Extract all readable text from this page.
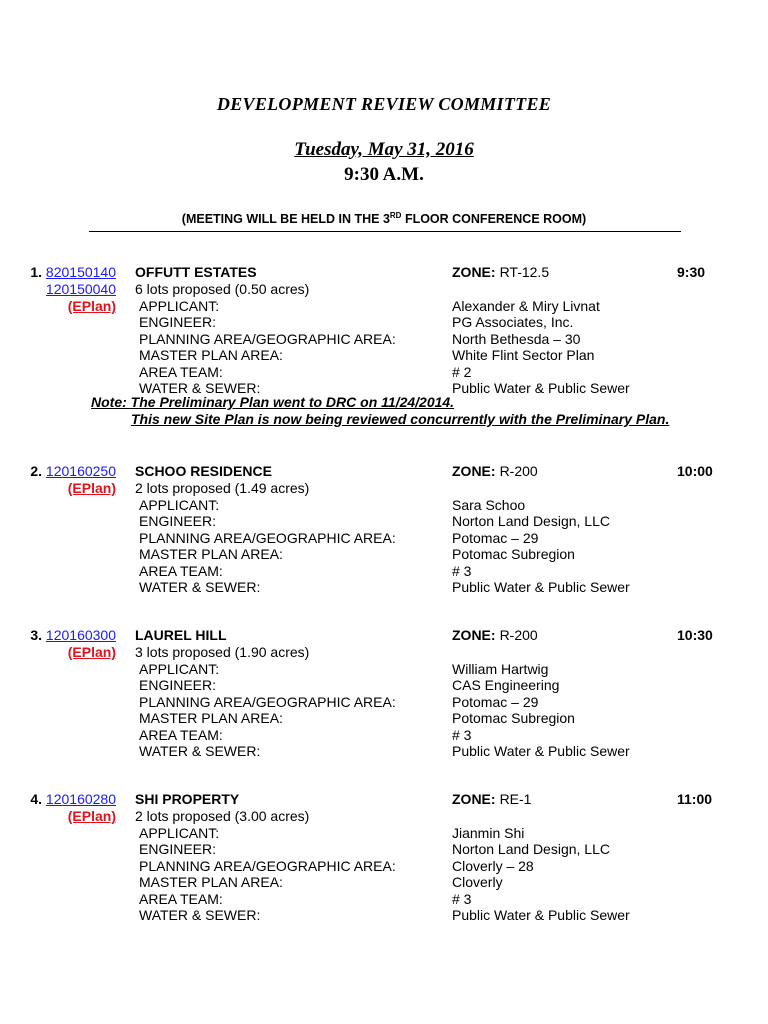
DEVELOPMENT REVIEW COMMITTEE
Tuesday, May 31, 2016
9:30 A.M.
(MEETING WILL BE HELD IN THE 3RD FLOOR CONFERENCE ROOM)
1. 820150140
120150040
(EPlan)
OFFUTT ESTATES
6 lots proposed (0.50 acres)
APPLICANT:
ENGINEER:
PLANNING AREA/GEOGRAPHIC AREA:
MASTER PLAN AREA:
AREA TEAM:
WATER & SEWER:
ZONE: RT-12.5
Alexander & Miry Livnat
PG Associates, Inc.
North Bethesda – 30
White Flint Sector Plan
# 2
Public Water & Public Sewer
9:30
Note: The Preliminary Plan went to DRC on 11/24/2014.
This new Site Plan is now being reviewed concurrently with the Preliminary Plan.
2. 120160250
(EPlan)
SCHOO RESIDENCE
2 lots proposed (1.49 acres)
APPLICANT:
ENGINEER:
PLANNING AREA/GEOGRAPHIC AREA:
MASTER PLAN AREA:
AREA TEAM:
WATER & SEWER:
ZONE: R-200
Sara Schoo
Norton Land Design, LLC
Potomac – 29
Potomac Subregion
# 3
Public Water & Public Sewer
10:00
3. 120160300
(EPlan)
LAUREL HILL
3 lots proposed (1.90 acres)
APPLICANT:
ENGINEER:
PLANNING AREA/GEOGRAPHIC AREA:
MASTER PLAN AREA:
AREA TEAM:
WATER & SEWER:
ZONE: R-200
William Hartwig
CAS Engineering
Potomac – 29
Potomac Subregion
# 3
Public Water & Public Sewer
10:30
4. 120160280
(EPlan)
SHI PROPERTY
2 lots proposed (3.00 acres)
APPLICANT:
ENGINEER:
PLANNING AREA/GEOGRAPHIC AREA:
MASTER PLAN AREA:
AREA TEAM:
WATER & SEWER:
ZONE: RE-1
Jianmin Shi
Norton Land Design, LLC
Cloverly – 28
Cloverly
# 3
Public Water & Public Sewer
11:00
